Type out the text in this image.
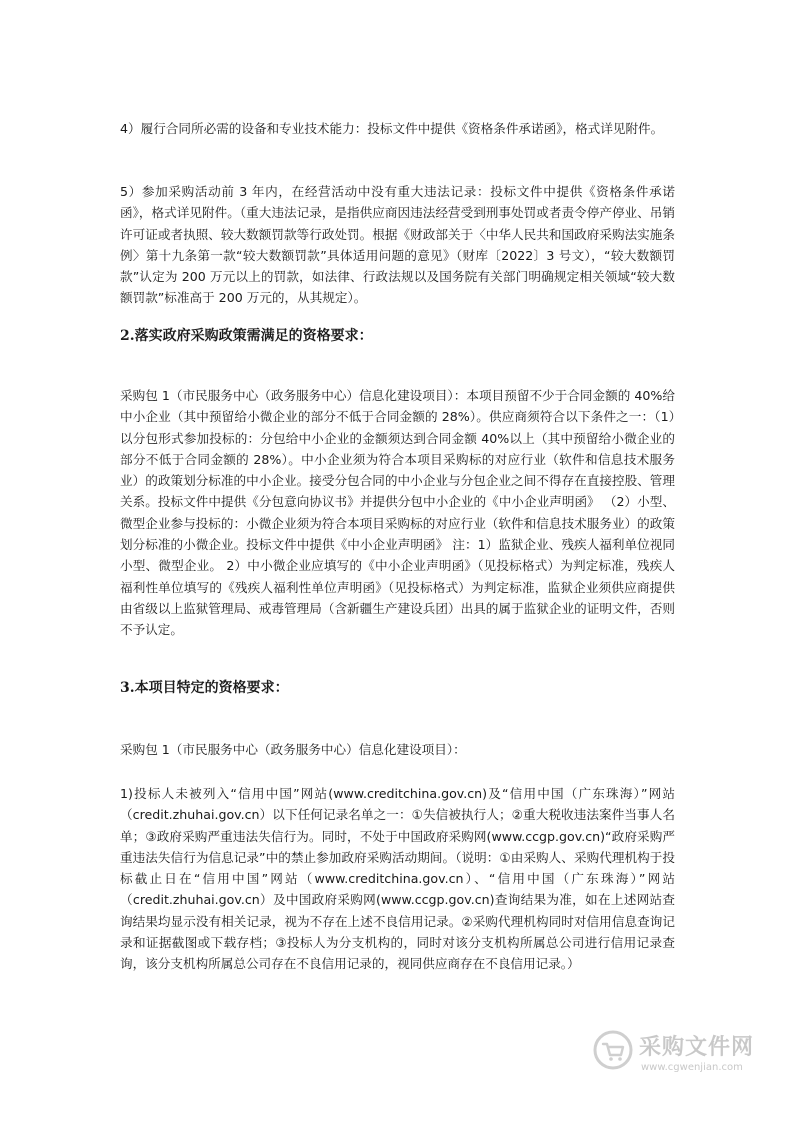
4）履行合同所必需的设备和专业技术能力：投标文件中提供《资格条件承诺函》，格式详见附件。

5）参加采购活动前 3 年内，在经营活动中没有重大违法记录：投标文件中提供《资格条件承诺函》，格式详见附件。（重大违法记录，是指供应商因违法经营受到刑事处罚或者责令停产停业、吊销许可证或者执照、较大数额罚款等行政处罚。根据《财政部关于〈中华人民共和国政府采购法实施条例〉第十九条第一款“较大数额罚款”具体适用问题的意见》（财库〔2022〕3 号文），“较大数额罚款”认定为 200 万元以上的罚款，如法律、行政法规以及国务院有关部门明确规定相关领域“较大数额罚款”标准高于 200 万元的，从其规定）。

2.落实政府采购政策需满足的资格要求：

采购包 1（市民服务中心（政务服务中心）信息化建设项目）：本项目预留不少于合同金额的 40%给中小企业（其中预留给小微企业的部分不低于合同金额的 28%）。供应商须符合以下条件之一：（1）以分包形式参加投标的：分包给中小企业的金额须达到合同金额 40%以上（其中预留给小微企业的部分不低于合同金额的 28%）。中小企业须为符合本项目采购标的对应行业（软件和信息技术服务业）的政策划分标准的中小企业。接受分包合同的中小企业与分包企业之间不得存在直接控股、管理关系。投标文件中提供《分包意向协议书》并提供分包中小企业的《中小企业声明函》 （2）小型、微型企业参与投标的：小微企业须为符合本项目采购标的对应行业（软件和信息技术服务业）的政策划分标准的小微企业。投标文件中提供《中小企业声明函》 注：1）监狱企业、残疾人福利单位视同小型、微型企业。 2）中小微企业应填写的《中小企业声明函》（见投标格式）为判定标准，残疾人福利性单位填写的《残疾人福利性单位声明函》（见投标格式）为判定标准，监狱企业须供应商提供由省级以上监狱管理局、戒毒管理局（含新疆生产建设兵团）出具的属于监狱企业的证明文件，否则不予认定。

3.本项目特定的资格要求：

采购包 1（市民服务中心（政务服务中心）信息化建设项目）：

1)投标人未被列入“信用中国”网站(www.creditchina.gov.cn)及“信用中国（广东珠海）”网站（credit.zhuhai.gov.cn）以下任何记录名单之一：①失信被执行人；②重大税收违法案件当事人名单；③政府采购严重违法失信行为。同时，不处于中国政府采购网(www.ccgp.gov.cn)“政府采购严重违法失信行为信息记录”中的禁止参加政府采购活动期间。（说明：①由采购人、采购代理机构于投标截止日在“信用中国”网站（www.creditchina.gov.cn）、“信用中国（广东珠海）”网站（credit.zhuhai.gov.cn）及中国政府采购网(www.ccgp.gov.cn)查询结果为准，如在上述网站查询结果均显示没有相关记录，视为不存在上述不良信用记录。②采购代理机构同时对信用信息查询记录和证据截图或下载存档；③投标人为分支机构的，同时对该分支机构所属总公司进行信用记录查询，该分支机构所属总公司存在不良信用记录的，视同供应商存在不良信用记录。）

采购文件网
www.cgwenjian.com
